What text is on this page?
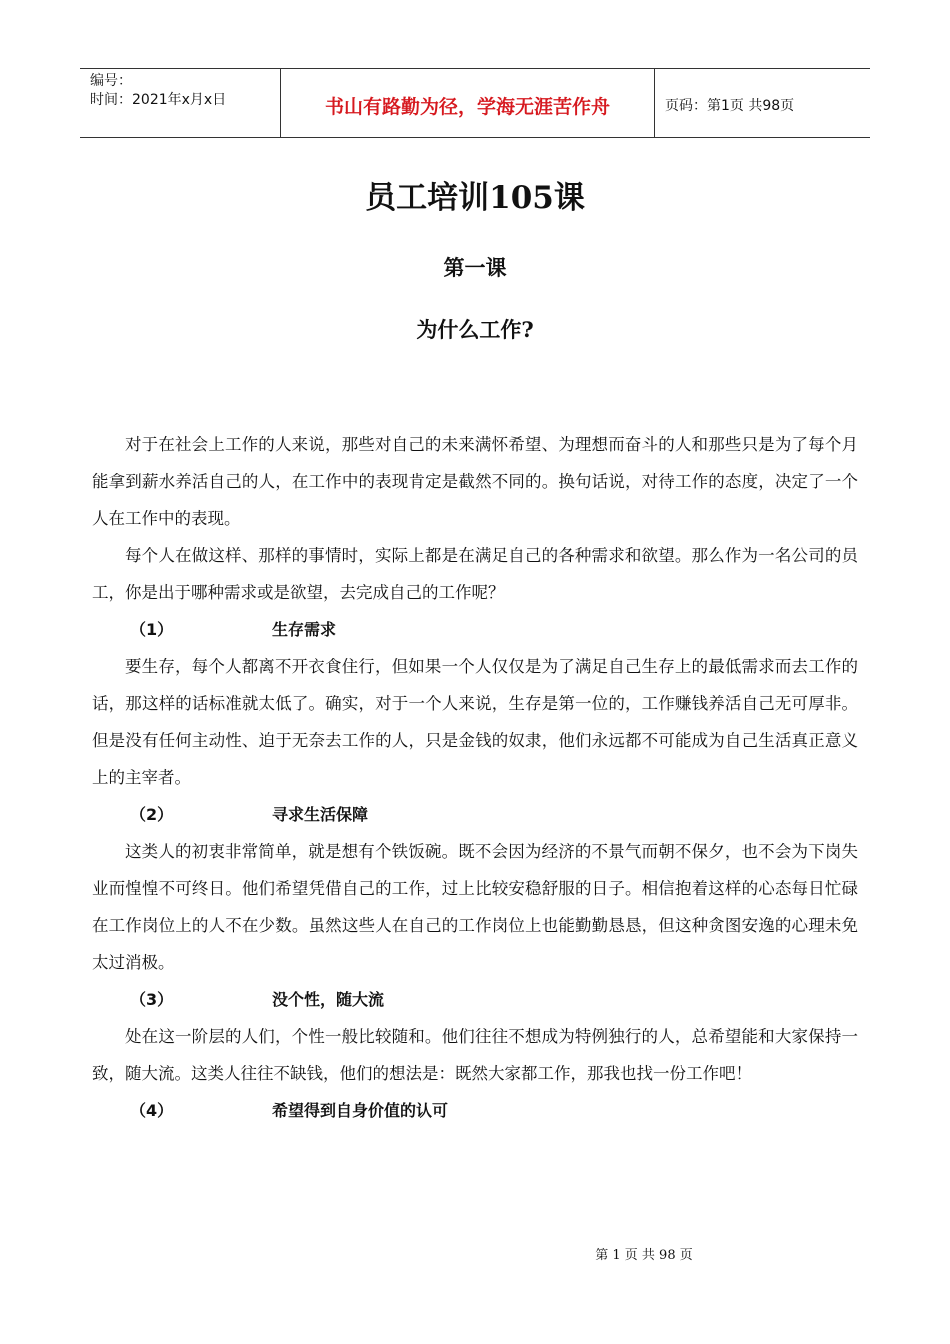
编号：
时间：2021年x月x日	书山有路勤为径，学海无涯苦作舟	页码：第1页 共98页
员工培训105课
第一课
为什么工作?

对于在社会上工作的人来说，那些对自己的未来满怀希望、为理想而奋斗的人和那些只是为了每个月能拿到薪水养活自己的人，在工作中的表现肯定是截然不同的。换句话说，对待工作的态度，决定了一个人在工作中的表现。

每个人在做这样、那样的事情时，实际上都是在满足自己的各种需求和欲望。那么作为一名公司的员工，你是出于哪种需求或是欲望，去完成自己的工作呢？

（1）	生存需求

要生存，每个人都离不开衣食住行，但如果一个人仅仅是为了满足自己生存上的最低需求而去工作的话，那这样的话标准就太低了。确实，对于一个人来说，生存是第一位的，工作赚钱养活自己无可厚非。但是没有任何主动性、迫于无奈去工作的人，只是金钱的奴隶，他们永远都不可能成为自己生活真正意义上的主宰者。

（2）	寻求生活保障

这类人的初衷非常简单，就是想有个铁饭碗。既不会因为经济的不景气而朝不保夕，也不会为下岗失业而惶惶不可终日。他们希望凭借自己的工作，过上比较安稳舒服的日子。相信抱着这样的心态每日忙碌在工作岗位上的人不在少数。虽然这些人在自己的工作岗位上也能勤勤恳恳，但这种贪图安逸的心理未免太过消极。

（3）	没个性，随大流

处在这一阶层的人们，个性一般比较随和。他们往往不想成为特例独行的人，总希望能和大家保持一致，随大流。这类人往往不缺钱，他们的想法是：既然大家都工作，那我也找一份工作吧！

（4）	希望得到自身价值的认可
第 1 页 共 98 页
